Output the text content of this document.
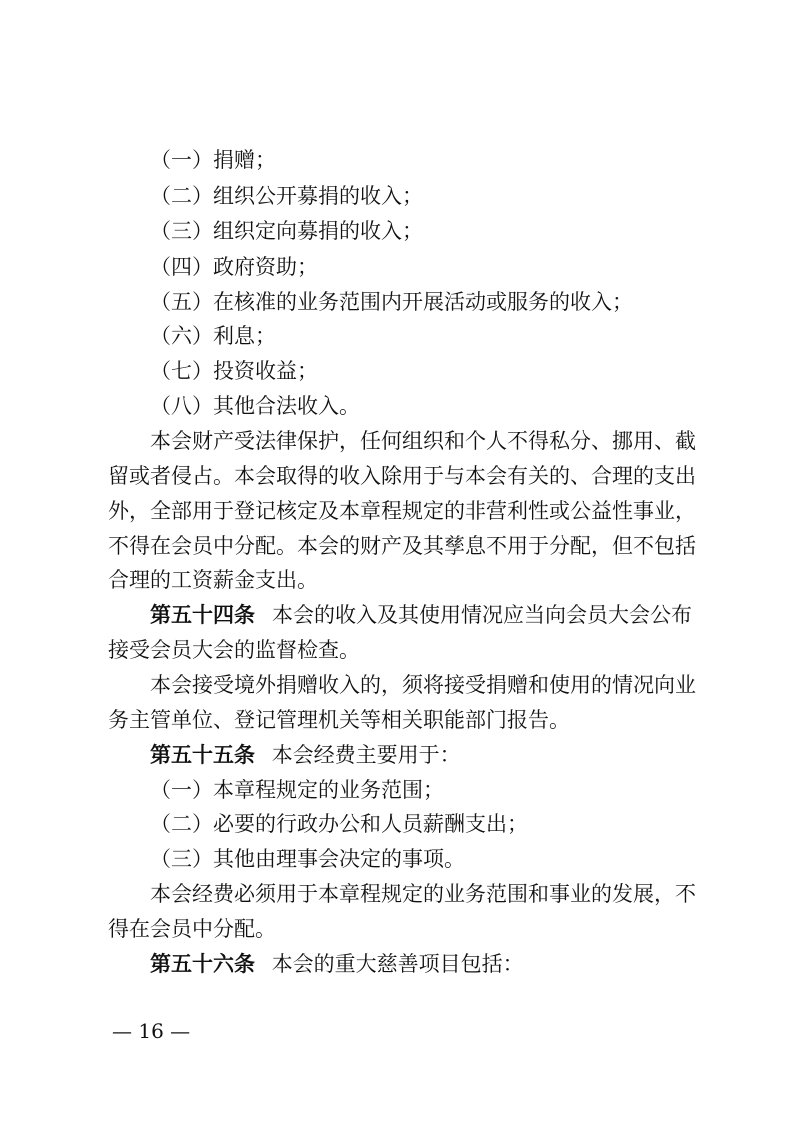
（一）捐赠；
（二）组织公开募捐的收入；
（三）组织定向募捐的收入；
（四）政府资助；
（五）在核准的业务范围内开展活动或服务的收入；
（六）利息；
（七）投资收益；
（八）其他合法收入。
本会财产受法律保护，任何组织和个人不得私分、挪用、截
留或者侵占。本会取得的收入除用于与本会有关的、合理的支出
外，全部用于登记核定及本章程规定的非营利性或公益性事业，
不得在会员中分配。本会的财产及其孳息不用于分配，但不包括
合理的工资薪金支出。
第五十四条 本会的收入及其使用情况应当向会员大会公布
接受会员大会的监督检查。
本会接受境外捐赠收入的，须将接受捐赠和使用的情况向业
务主管单位、登记管理机关等相关职能部门报告。
第五十五条 本会经费主要用于：
（一）本章程规定的业务范围；
（二）必要的行政办公和人员薪酬支出；
（三）其他由理事会决定的事项。
本会经费必须用于本章程规定的业务范围和事业的发展，不
得在会员中分配。
第五十六条 本会的重大慈善项目包括：
— 16 —
